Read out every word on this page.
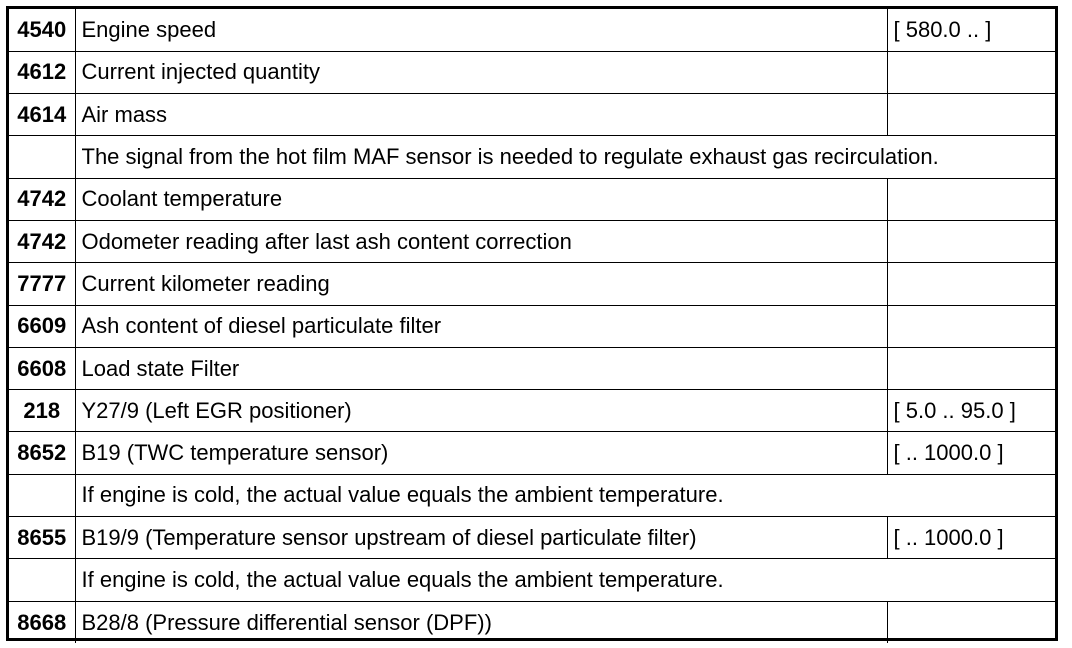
4540	Engine speed	[ 580.0 .. ]
4612	Current injected quantity	
4614	Air mass	
	The signal from the hot film MAF sensor is needed to regulate exhaust gas recirculation.	
4742	Coolant temperature	
4742	Odometer reading after last ash content correction	
7777	Current kilometer reading	
6609	Ash content of diesel particulate filter	
6608	Load state Filter	
218	Y27/9 (Left EGR positioner)	[ 5.0 .. 95.0 ]
8652	B19 (TWC temperature sensor)	[ .. 1000.0 ]
	If engine is cold, the actual value equals the ambient temperature.	
8655	B19/9 (Temperature sensor upstream of diesel particulate filter)	[ .. 1000.0 ]
	If engine is cold, the actual value equals the ambient temperature.	
8668	B28/8 (Pressure differential sensor (DPF))	
